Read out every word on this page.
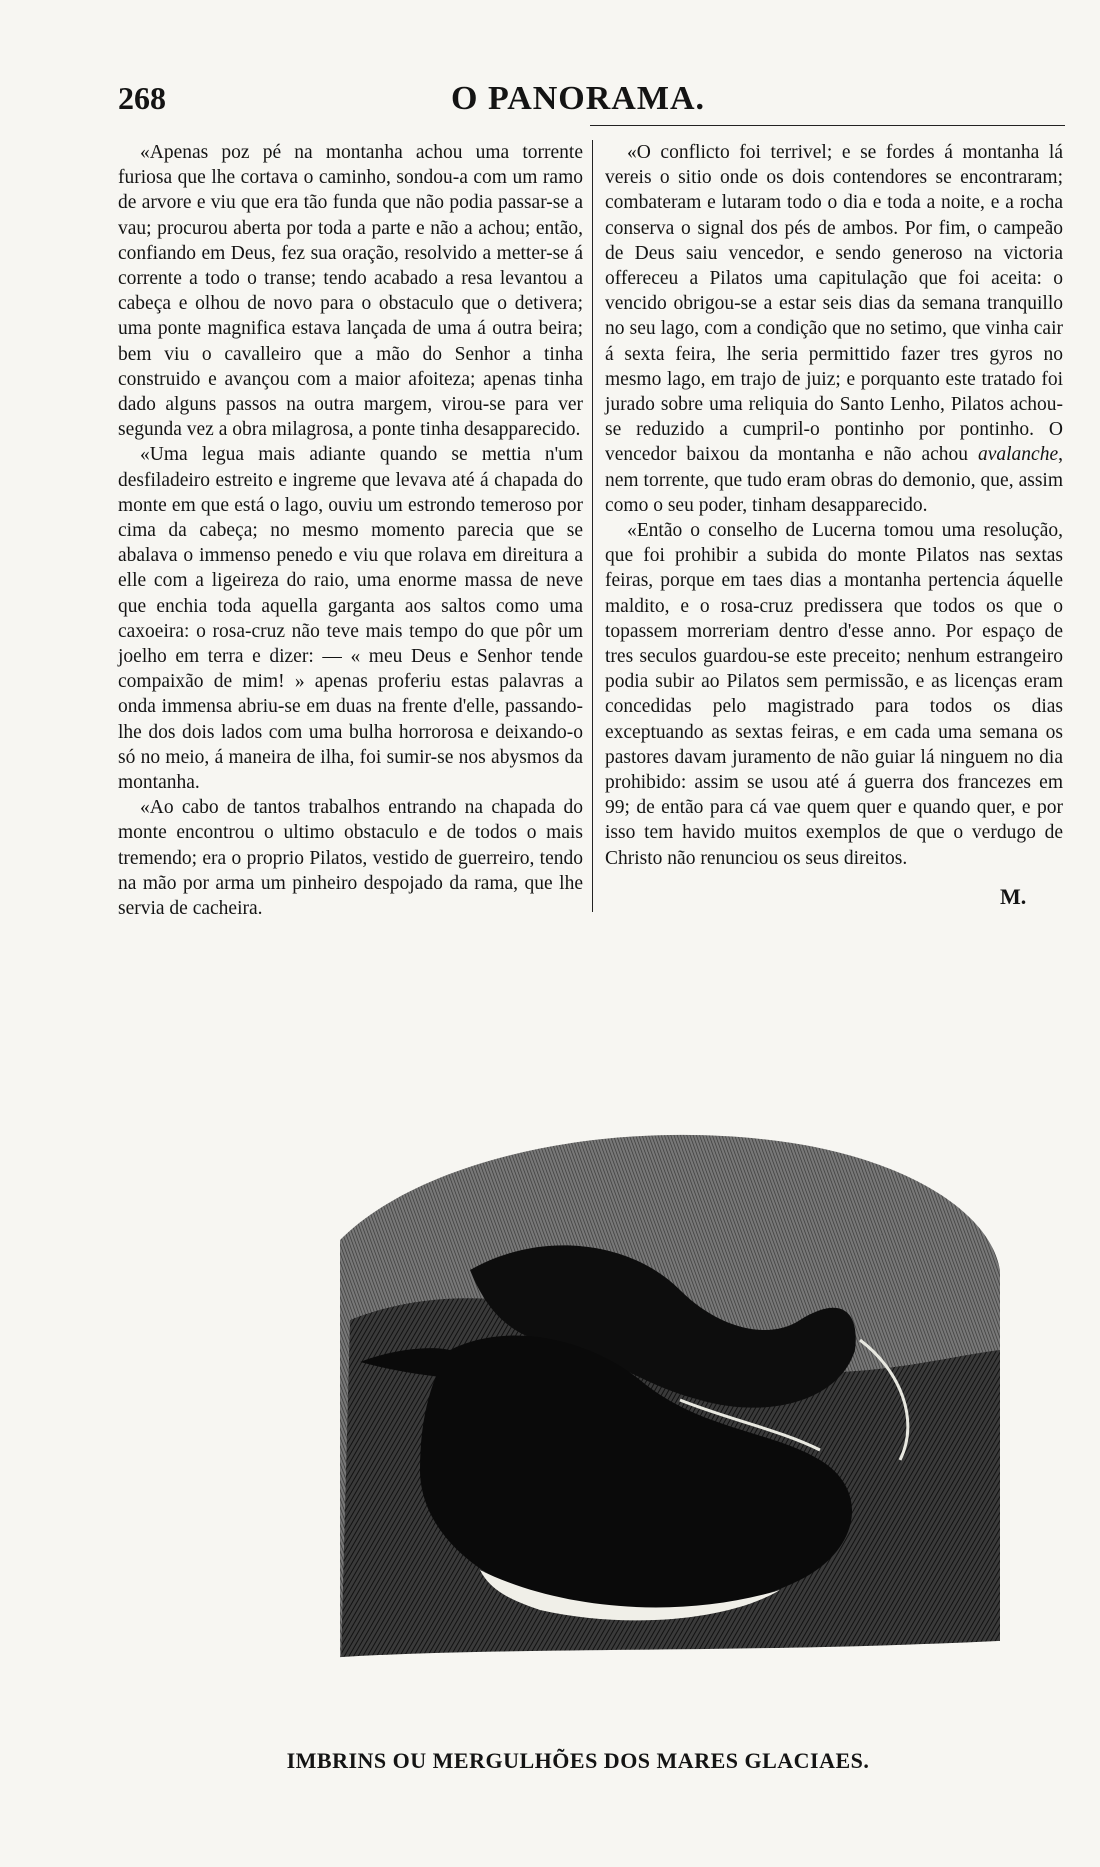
268	O PANORAMA.

«Apenas poz pé na montanha achou uma torrente furiosa que lhe cortava o caminho, sondou-a com um ramo de arvore e viu que era tão funda que não podia passar-se a vau; procurou aberta por toda a parte e não a achou; então, confiando em Deus, fez sua oração, resolvido a metter-se á corrente a todo o transe; tendo acabado a resa levantou a cabeça e olhou de novo para o obstaculo que o detivera; uma ponte magnifica estava lançada de uma á outra beira; bem viu o cavalleiro que a mão do Senhor a tinha construido e avançou com a maior afoiteza; apenas tinha dado alguns passos na outra margem, virou-se para ver segunda vez a obra milagrosa, a ponte tinha desapparecido.

«Uma legua mais adiante quando se mettia n'um desfiladeiro estreito e ingreme que levava até á chapada do monte em que está o lago, ouviu um estrondo temeroso por cima da cabeça; no mesmo momento parecia que se abalava o immenso penedo e viu que rolava em direitura a elle com a ligeireza do raio, uma enorme massa de neve que enchia toda aquella garganta aos saltos como uma caxoeira: o rosa-cruz não teve mais tempo do que pôr um joelho em terra e dizer: — « meu Deus e Senhor tende compaixão de mim! » apenas proferiu estas palavras a onda immensa abriu-se em duas na frente d'elle, passando-lhe dos dois lados com uma bulha horrorosa e deixando-o só no meio, á maneira de ilha, foi sumir-se nos abysmos da montanha.

«Ao cabo de tantos trabalhos entrando na chapada do monte encontrou o ultimo obstaculo e de todos o mais tremendo; era o proprio Pilatos, vestido de guerreiro, tendo na mão por arma um pinheiro despojado da rama, que lhe servia de cacheira.

«O conflicto foi terrivel; e se fordes á montanha lá vereis o sitio onde os dois contendores se encontraram; combateram e lutaram todo o dia e toda a noite, e a rocha conserva o signal dos pés de ambos. Por fim, o campeão de Deus saiu vencedor, e sendo generoso na victoria offereceu a Pilatos uma capitulação que foi aceita: o vencido obrigou-se a estar seis dias da semana tranquillo no seu lago, com a condição que no setimo, que vinha cair á sexta feira, lhe seria permittido fazer tres gyros no mesmo lago, em trajo de juiz; e porquanto este tratado foi jurado sobre uma reliquia do Santo Lenho, Pilatos achou-se reduzido a cumpril-o pontinho por pontinho. O vencedor baixou da montanha e não achou avalanche, nem torrente, que tudo eram obras do demonio, que, assim como o seu poder, tinham desapparecido.

«Então o conselho de Lucerna tomou uma resolução, que foi prohibir a subida do monte Pilatos nas sextas feiras, porque em taes dias a montanha pertencia áquelle maldito, e o rosa-cruz predissera que todos os que o topassem morreriam dentro d'esse anno. Por espaço de tres seculos guardou-se este preceito; nenhum estrangeiro podia subir ao Pilatos sem permissão, e as licenças eram concedidas pelo magistrado para todos os dias exceptuando as sextas feiras, e em cada uma semana os pastores davam juramento de não guiar lá ninguem no dia prohibido: assim se usou até á guerra dos francezes em 99; de então para cá vae quem quer e quando quer, e por isso tem havido muitos exemplos de que o verdugo de Christo não renunciou os seus direitos.

M.
IMBRINS OU MERGULHÕES DOS MARES GLACIAES.
